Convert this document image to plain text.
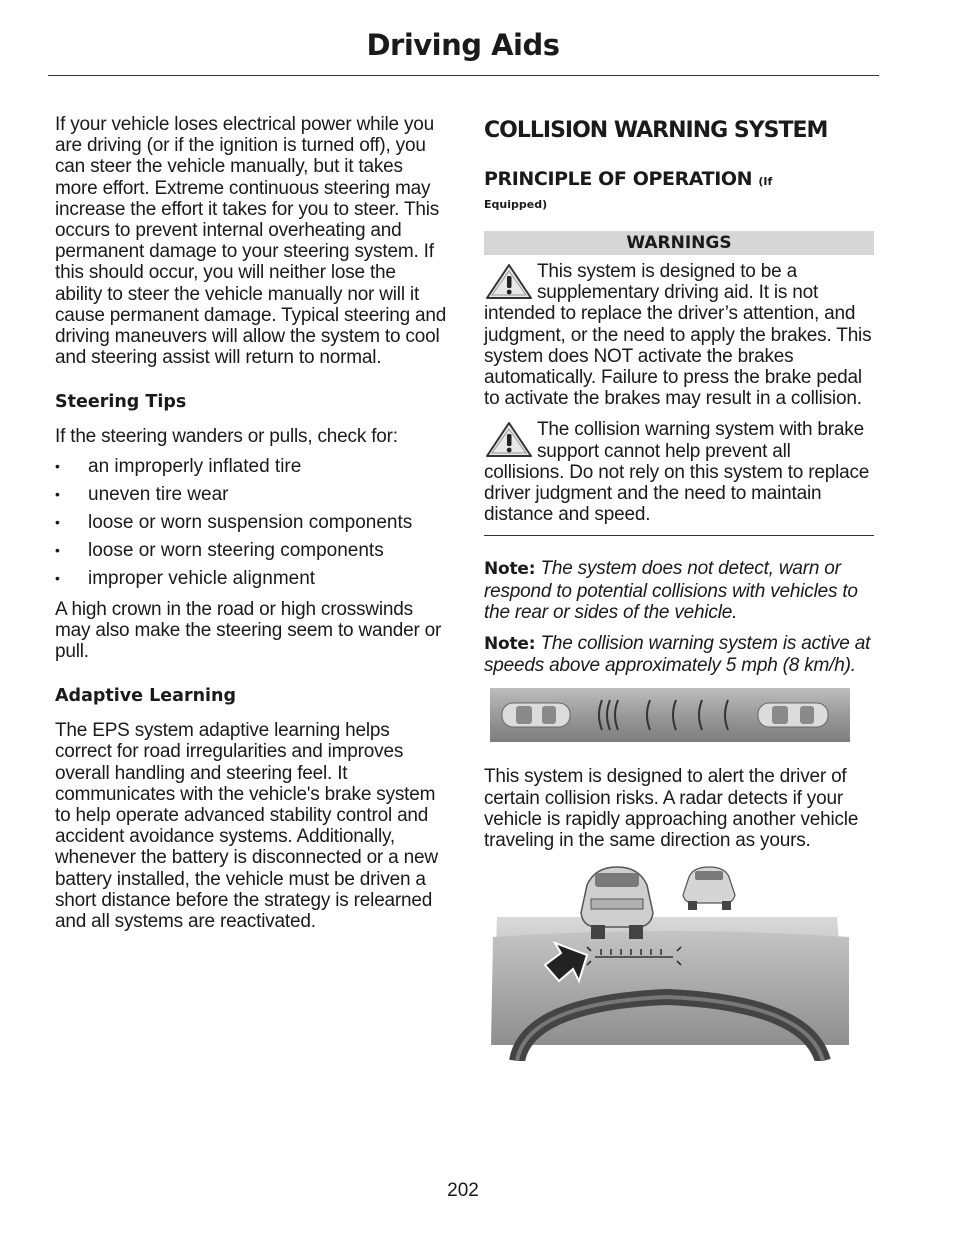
Driving Aids

If your vehicle loses electrical power while you are driving (or if the ignition is turned off), you can steer the vehicle manually, but it takes more effort. Extreme continuous steering may increase the effort it takes for you to steer. This occurs to prevent internal overheating and permanent damage to your steering system. If this should occur, you will neither lose the ability to steer the vehicle manually nor will it cause permanent damage. Typical steering and driving maneuvers will allow the system to cool and steering assist will return to normal.

Steering Tips

If the steering wanders or pulls, check for:

• an improperly inflated tire
• uneven tire wear
• loose or worn suspension components
• loose or worn steering components
• improper vehicle alignment

A high crown in the road or high crosswinds may also make the steering seem to wander or pull.

Adaptive Learning

The EPS system adaptive learning helps correct for road irregularities and improves overall handling and steering feel. It communicates with the vehicle's brake system to help operate advanced stability control and accident avoidance systems. Additionally, whenever the battery is disconnected or a new battery installed, the vehicle must be driven a short distance before the strategy is relearned and all systems are reactivated.

COLLISION WARNING SYSTEM
PRINCIPLE OF OPERATION (If
Equipped)
WARNINGS
This system is designed to be a supplementary driving aid. It is not intended to replace the driver’s attention, and judgment, or the need to apply the brakes. This system does NOT activate the brakes automatically. Failure to press the brake pedal to activate the brakes may result in a collision.
The collision warning system with brake support cannot help prevent all collisions. Do not rely on this system to replace driver judgment and the need to maintain distance and speed.

Note: The system does not detect, warn or respond to potential collisions with vehicles to the rear or sides of the vehicle.

Note: The collision warning system is active at speeds above approximately 5 mph (8 km/h).

This system is designed to alert the driver of certain collision risks. A radar detects if your vehicle is rapidly approaching another vehicle traveling in the same direction as yours.

202
